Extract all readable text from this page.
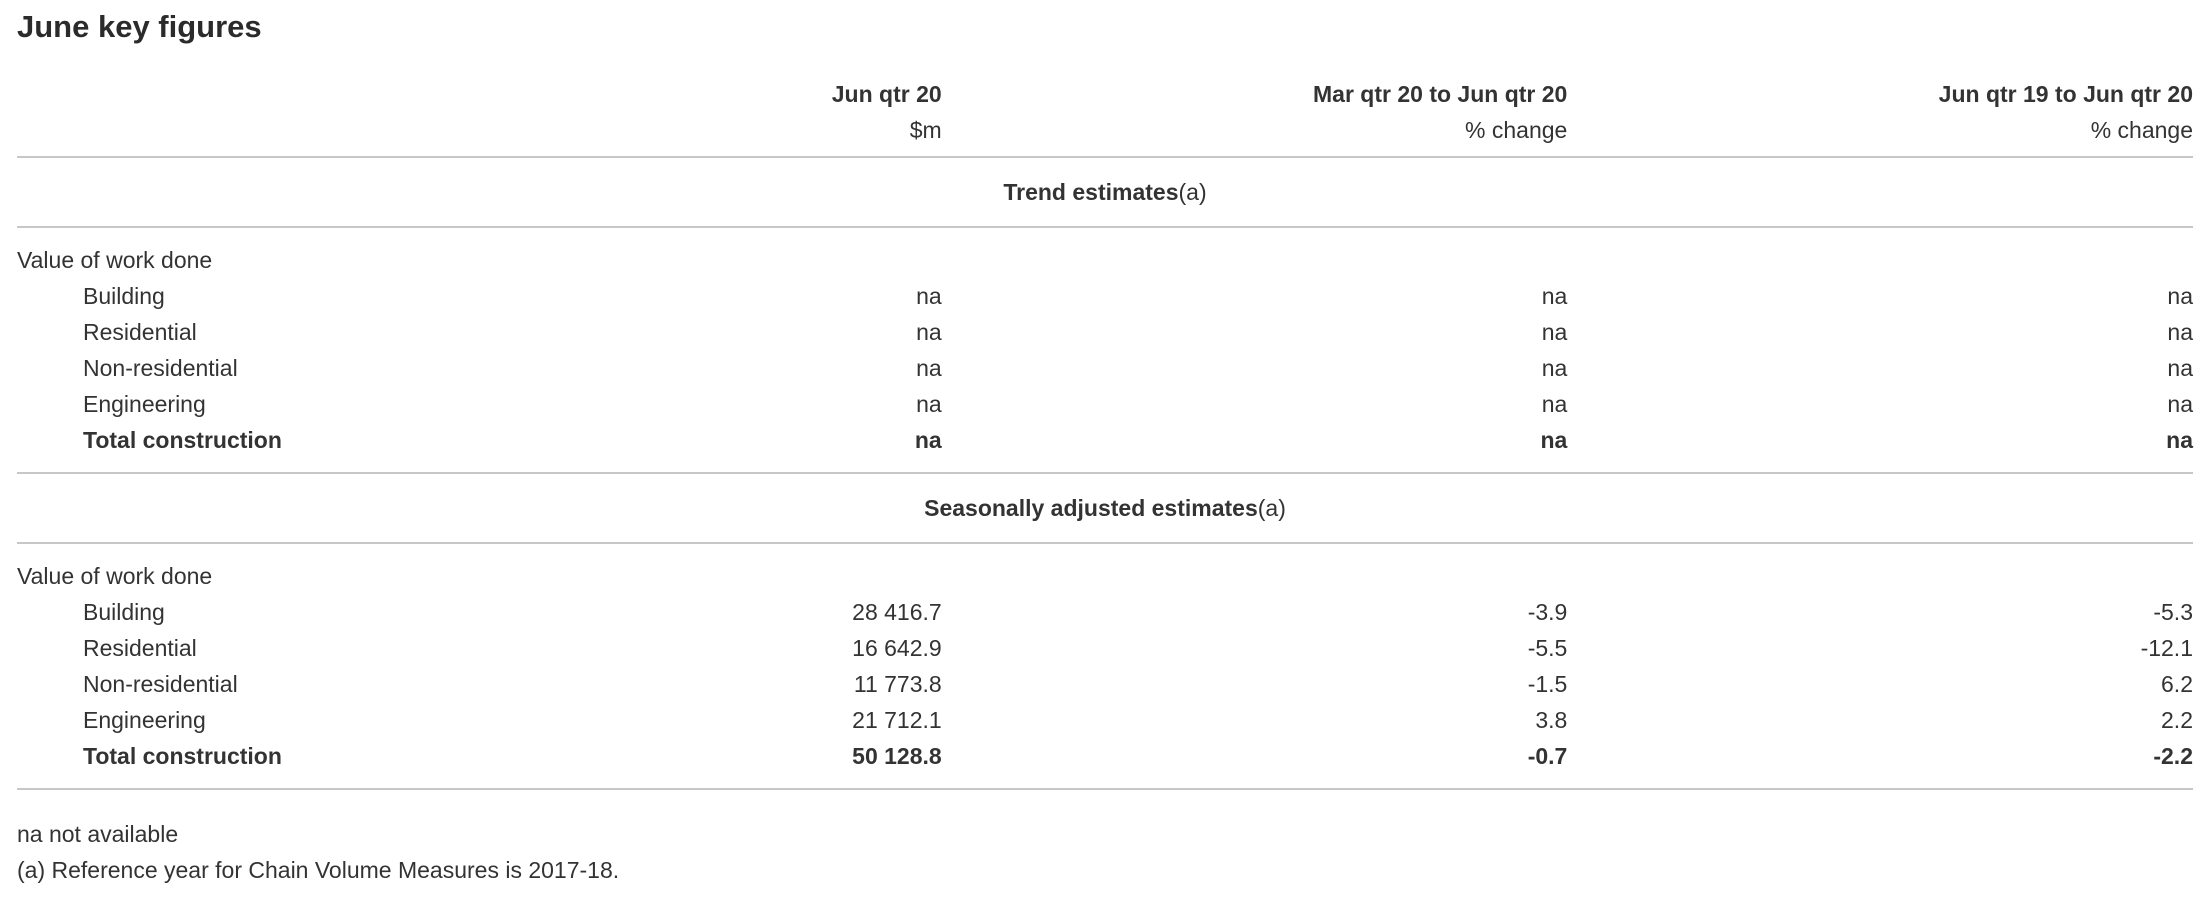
June key figures
	Jun qtr 20	Mar qtr 20 to Jun qtr 20	Jun qtr 19 to Jun qtr 20
	$m	% change	% change
Trend estimates(a)			
Value of work done			
Building	na	na	na
Residential	na	na	na
Non-residential	na	na	na
Engineering	na	na	na
Total construction	na	na	na
Seasonally adjusted estimates(a)			
Value of work done			
Building	28 416.7	-3.9	-5.3
Residential	16 642.9	-5.5	-12.1
Non-residential	11 773.8	-1.5	6.2
Engineering	21 712.1	3.8	2.2
Total construction	50 128.8	-0.7	-2.2

na not available

(a) Reference year for Chain Volume Measures is 2017-18.
